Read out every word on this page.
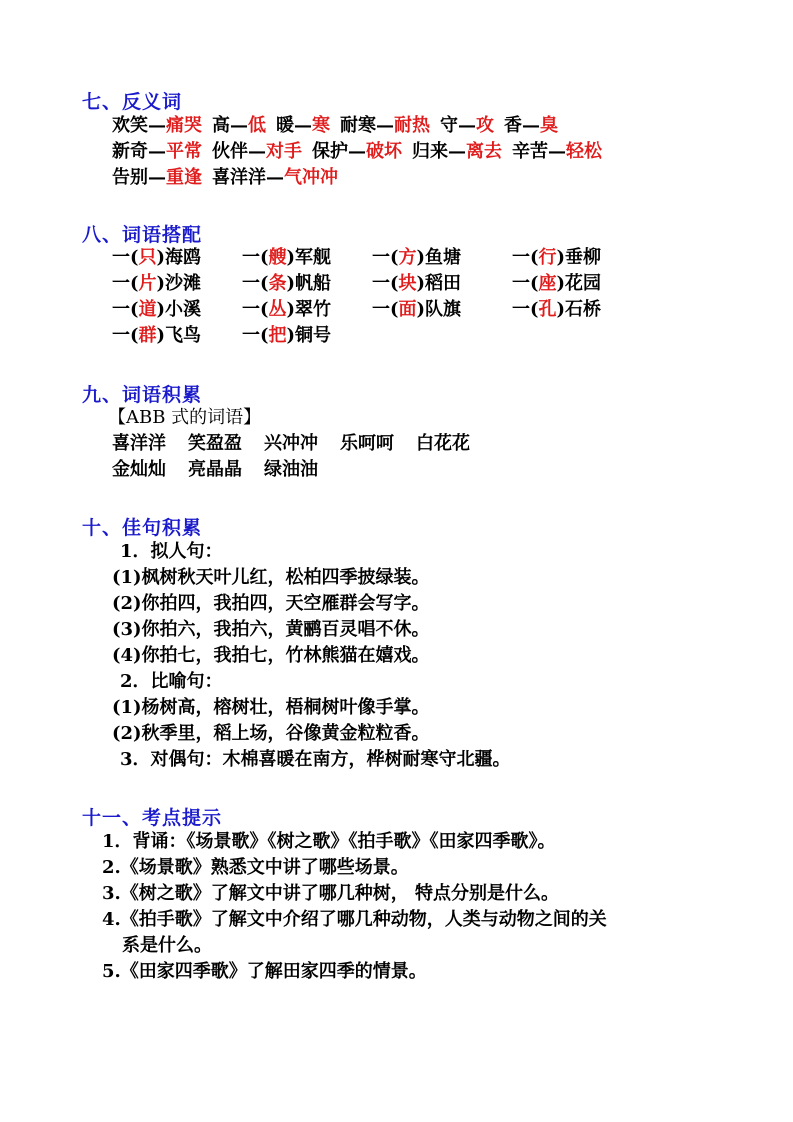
七、反义词
欢笑—痛哭 高—低 暖—寒 耐寒—耐热 守—攻 香—臭
新奇—平常 伙伴—对手 保护—破坏 归来—离去 辛苦—轻松
告别—重逢 喜洋洋—气冲冲
八、词语搭配
一(只)海鸥 一(艘)军舰 一(方)鱼塘	一(行)垂柳
一(片)沙滩 一(条)帆船 一(块)稻田	一(座)花园
一(道)小溪 一(丛)翠竹 一(面)队旗	一(孔)石桥
一(群)飞鸟 一(把)铜号
九、词语积累
【ABB 式的词语】
喜洋洋 笑盈盈 兴冲冲 乐呵呵 白花花
金灿灿 亮晶晶 绿油油
十、佳句积累
1．拟人句：
(1)枫树秋天叶儿红，松柏四季披绿装。
(2)你拍四，我拍四，天空雁群会写字。
(3)你拍六，我拍六，黄鹂百灵唱不休。
(4)你拍七，我拍七，竹林熊猫在嬉戏。
2．比喻句：
(1)杨树高，榕树壮，梧桐树叶像手掌。
(2)秋季里，稻上场，谷像黄金粒粒香。
3．对偶句：木棉喜暖在南方，桦树耐寒守北疆。
十一、考点提示
1．背诵：《场景歌》《树之歌》《拍手歌》《田家四季歌》。
2.《场景歌》熟悉文中讲了哪些场景。
3.《树之歌》了解文中讲了哪几种树， 特点分别是什么。
4.《拍手歌》了解文中介绍了哪几种动物，人类与动物之间的关
系是什么。
5.《田家四季歌》了解田家四季的情景。
